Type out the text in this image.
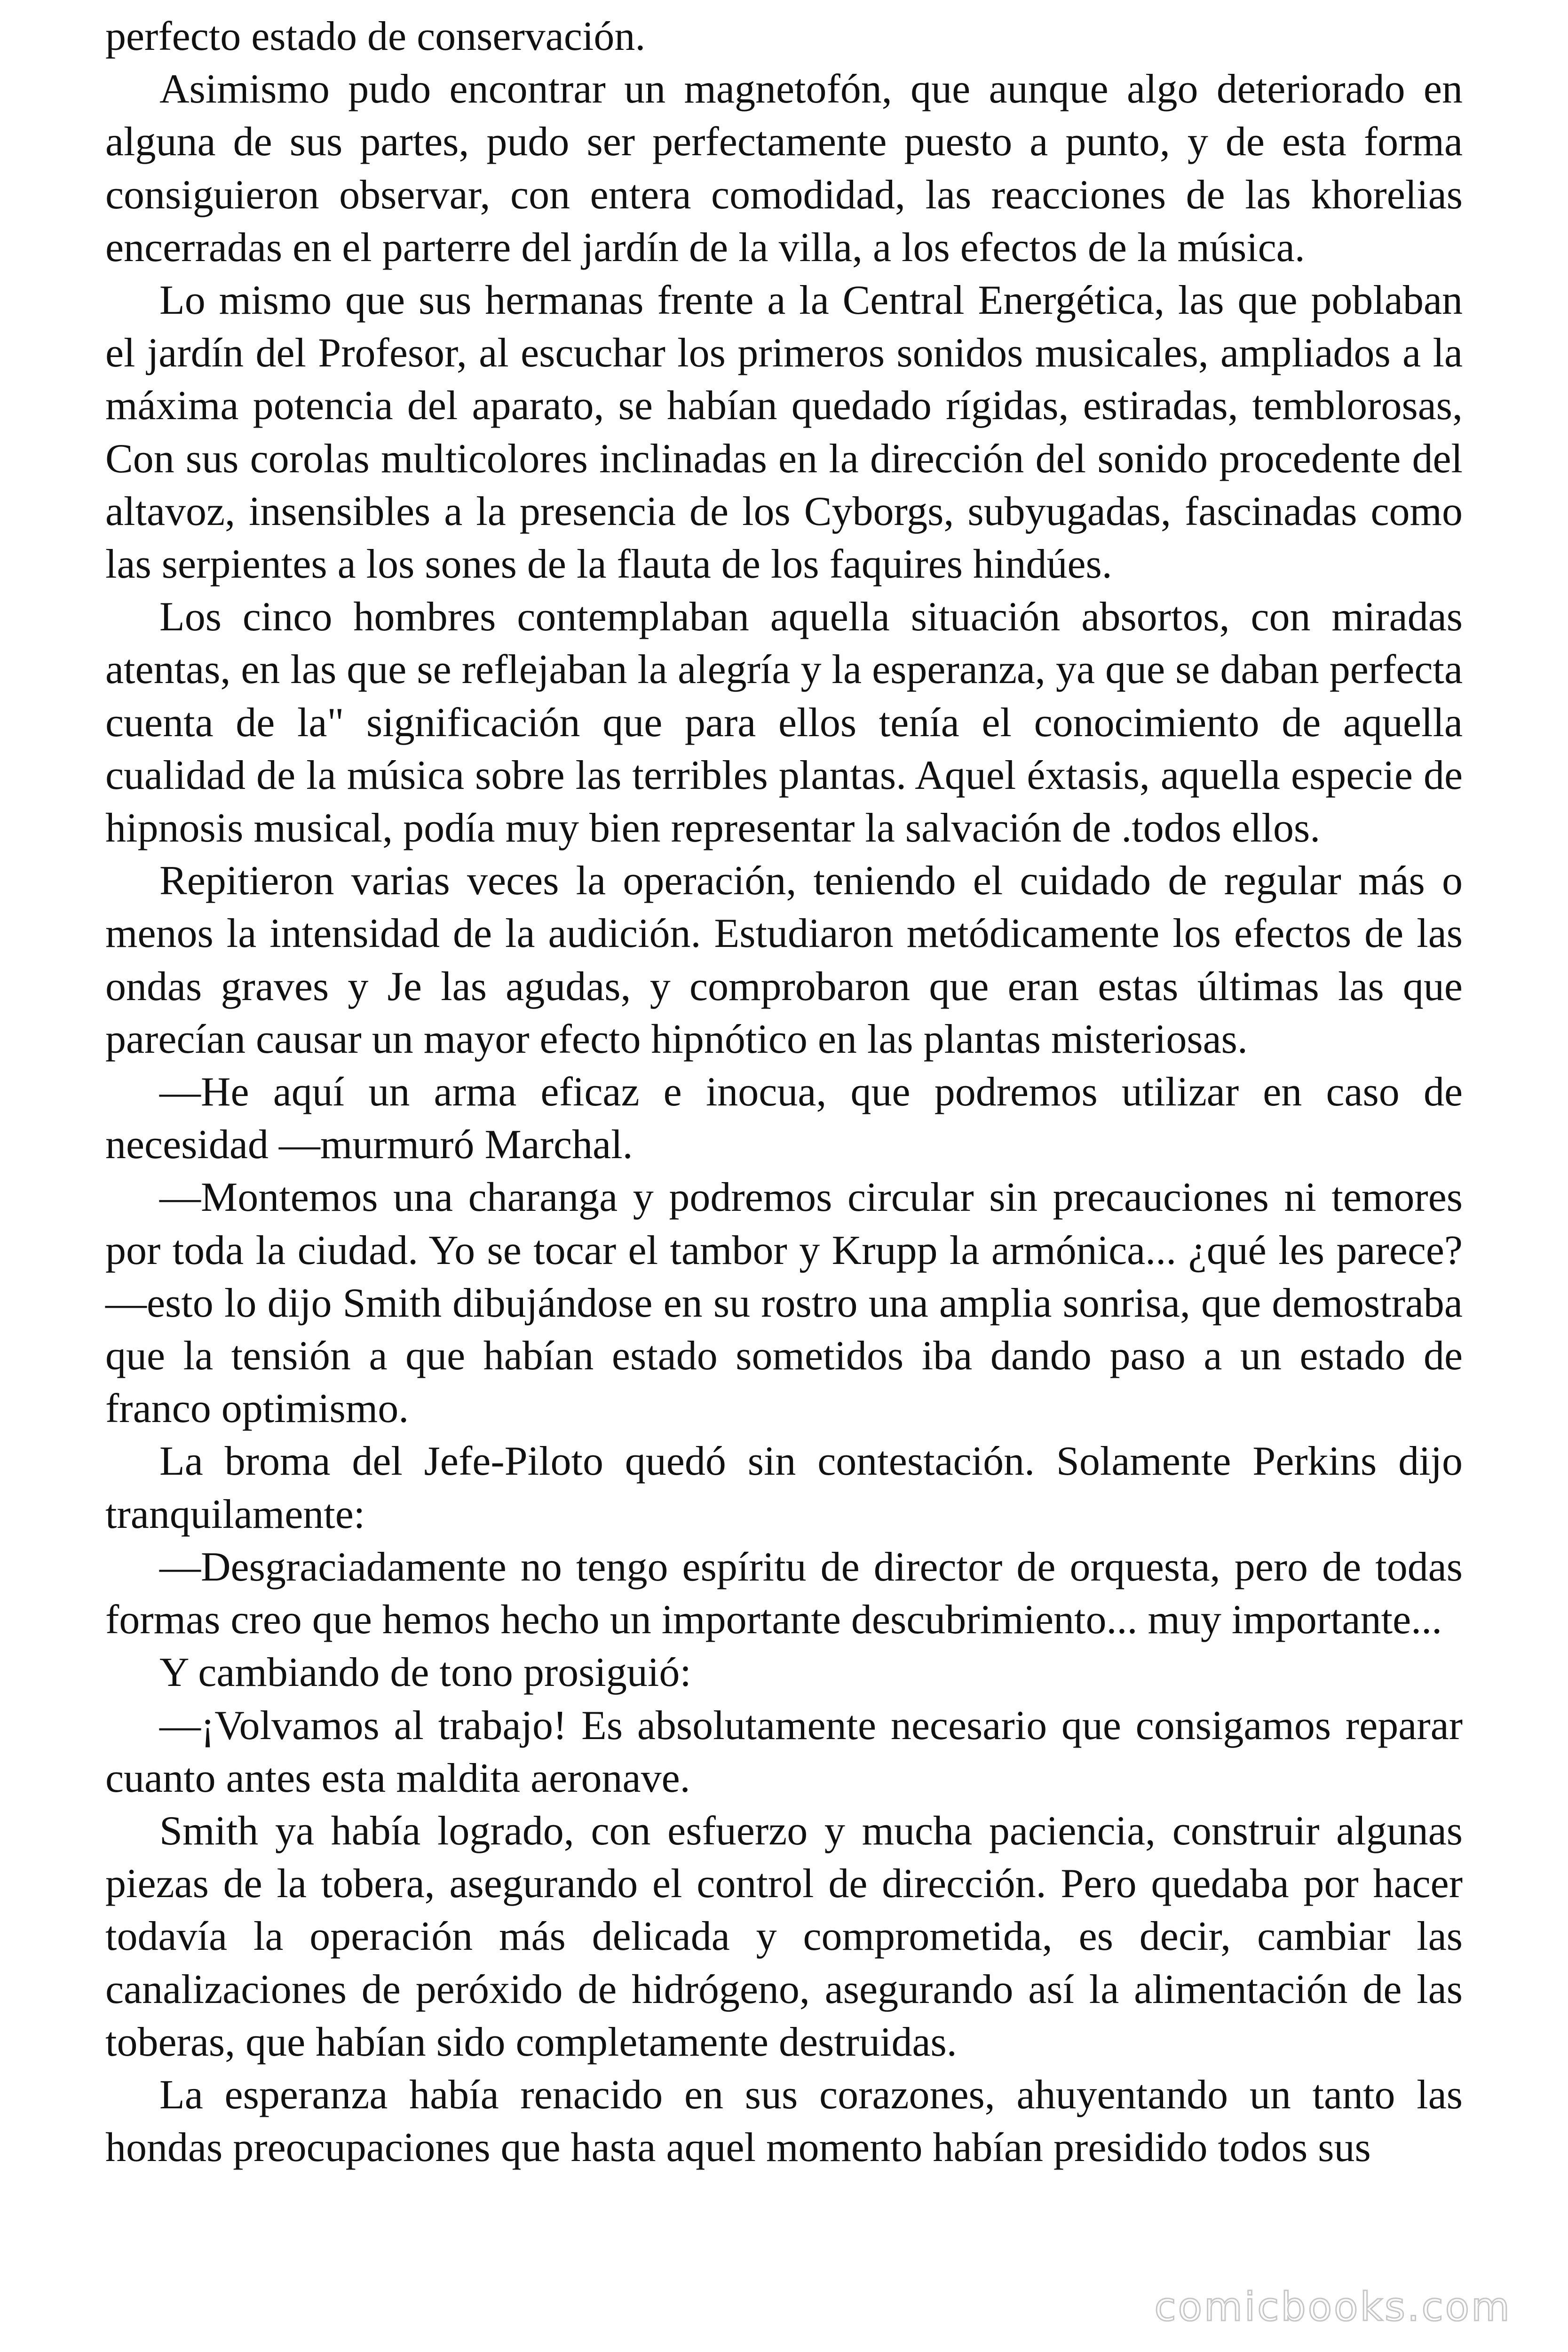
perfecto estado de conservación.

Asimismo pudo encontrar un magnetofón, que aunque algo deteriorado en alguna de sus partes, pudo ser perfectamente puesto a punto, y de esta forma consiguieron observar, con entera comodidad, las reacciones de las khorelias encerradas en el parterre del jardín de la villa, a los efectos de la música.

Lo mismo que sus hermanas frente a la Central Energética, las que poblaban el jardín del Profesor, al escuchar los primeros sonidos musicales, ampliados a la máxima potencia del aparato, se habían quedado rígidas, estiradas, temblorosas, Con sus corolas multicolores inclinadas en la dirección del sonido procedente del altavoz, insensibles a la presencia de los Cyborgs, subyugadas, fascinadas como las serpientes a los sones de la flauta de los faquires hindúes.

Los cinco hombres contemplaban aquella situación absortos, con miradas atentas, en las que se reflejaban la alegría y la esperanza, ya que se daban perfecta cuenta de la" significación que para ellos tenía el conocimiento de aquella cualidad de la música sobre las terribles plantas. Aquel éxtasis, aquella especie de hipnosis musical, podía muy bien representar la salvación de .todos ellos.

Repitieron varias veces la operación, teniendo el cuidado de regular más o menos la intensidad de la audición. Estudiaron metódicamente los efectos de las ondas graves y Je las agudas, y comprobaron que eran estas últimas las que parecían causar un mayor efecto hipnótico en las plantas misteriosas.

—He aquí un arma eficaz e inocua, que podremos utilizar en caso de necesidad —murmuró Marchal.

—Montemos una charanga y podremos circular sin precauciones ni temores por toda la ciudad. Yo se tocar el tambor y Krupp la armónica... ¿qué les parece? —esto lo dijo Smith dibujándose en su rostro una amplia sonrisa, que demostraba que la tensión a que habían estado sometidos iba dando paso a un estado de franco optimismo.

La broma del Jefe-Piloto quedó sin contestación. Solamente Perkins dijo tranquilamente:

—Desgraciadamente no tengo espíritu de director de orquesta, pero de todas formas creo que hemos hecho un importante descubrimiento... muy importante...

Y cambiando de tono prosiguió:

—¡Volvamos al trabajo! Es absolutamente necesario que consigamos reparar cuanto antes esta maldita aeronave.

Smith ya había logrado, con esfuerzo y mucha paciencia, construir algunas piezas de la tobera, asegurando el control de dirección. Pero quedaba por hacer todavía la operación más delicada y comprometida, es decir, cambiar las canalizaciones de peróxido de hidrógeno, asegurando así la alimentación de las toberas, que habían sido completamente destruidas.

La esperanza había renacido en sus corazones, ahuyentando un tanto las hondas preocupaciones que hasta aquel momento habían presidido todos sus

comicbooks.com
